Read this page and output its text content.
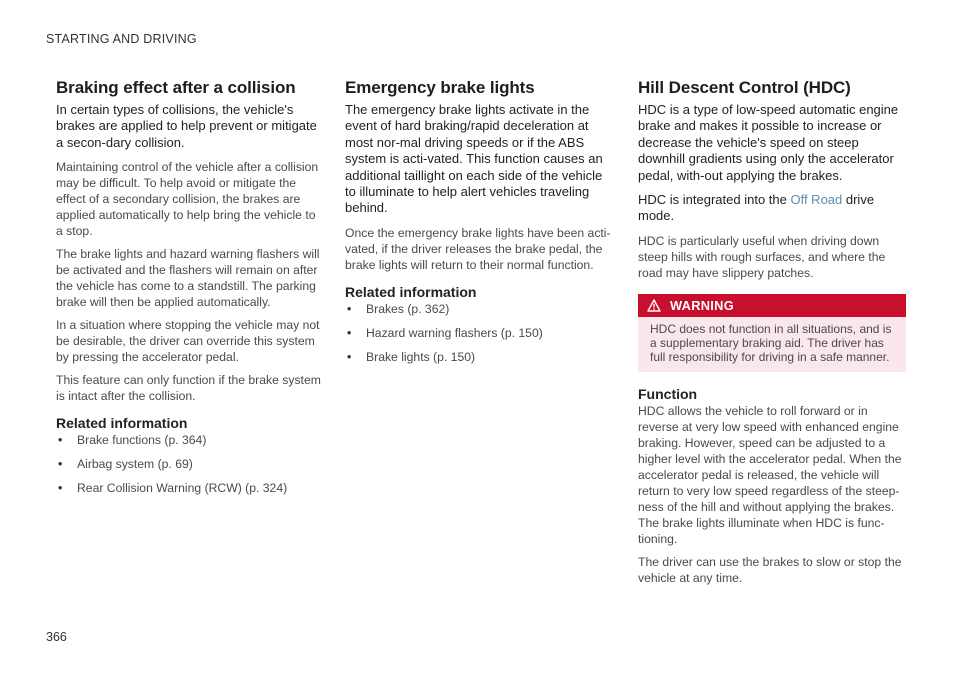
STARTING AND DRIVING
Braking effect after a collision

In certain types of collisions, the vehicle's brakes are applied to help prevent or mitigate a secon-dary collision.

Maintaining control of the vehicle after a collision may be difficult. To help avoid or mitigate the effect of a secondary collision, the brakes are applied automatically to help bring the vehicle to a stop.

The brake lights and hazard warning flashers will be activated and the flashers will remain on after the vehicle has come to a standstill. The parking brake will then be applied automatically.

In a situation where stopping the vehicle may not be desirable, the driver can override this system by pressing the accelerator pedal.

This feature can only function if the brake system is intact after the collision.

Related information
• Brake functions (p. 364)
• Airbag system (p. 69)
• Rear Collision Warning (RCW) (p. 324)
Emergency brake lights

The emergency brake lights activate in the event of hard braking/rapid deceleration at most nor-mal driving speeds or if the ABS system is acti-vated. This function causes an additional taillight on each side of the vehicle to illuminate to help alert vehicles traveling behind.

Once the emergency brake lights have been acti-vated, if the driver releases the brake pedal, the brake lights will return to their normal function.

Related information
• Brakes (p. 362)
• Hazard warning flashers (p. 150)
• Brake lights (p. 150)
Hill Descent Control (HDC)

HDC is a type of low-speed automatic engine brake and makes it possible to increase or decrease the vehicle's speed on steep downhill gradients using only the accelerator pedal, with-out applying the brakes.

HDC is integrated into the Off Road drive mode.

HDC is particularly useful when driving down steep hills with rough surfaces, and where the road may have slippery patches.

WARNING
HDC does not function in all situations, and is a supplementary braking aid. The driver has full responsibility for driving in a safe manner.
Function

HDC allows the vehicle to roll forward or in reverse at very low speed with enhanced engine braking. However, speed can be adjusted to a higher level with the accelerator pedal. When the accelerator pedal is released, the vehicle will return to very low speed regardless of the steep-ness of the hill and without applying the brakes. The brake lights illuminate when HDC is func-tioning.

The driver can use the brakes to slow or stop the vehicle at any time.

366
